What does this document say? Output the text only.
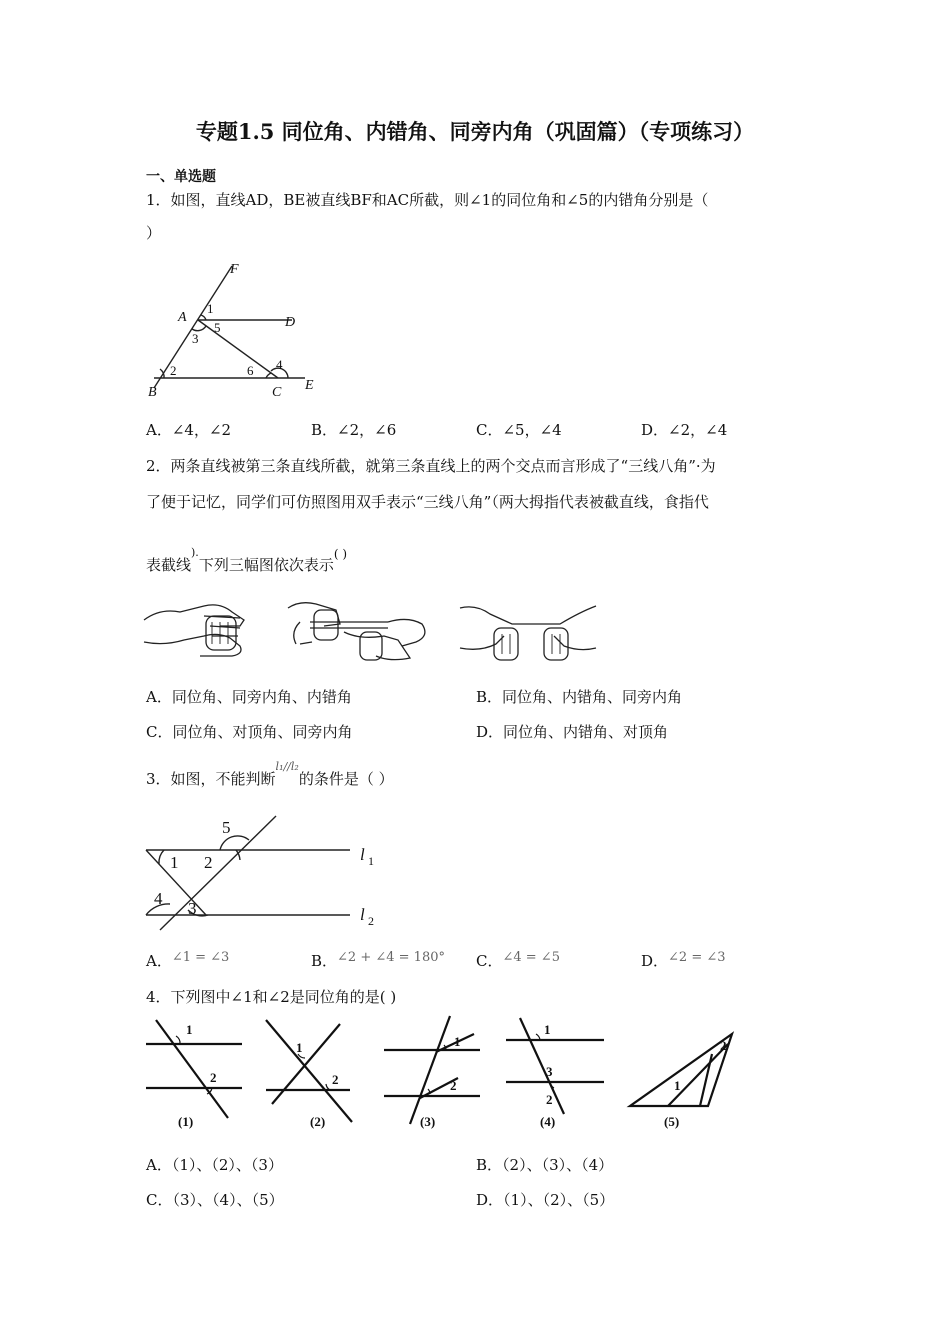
专题1.5 同位角、内错角、同旁内角（巩固篇）（专项练习）
一、单选题
1．如图，直线AD，BE被直线BF和AC所截，则∠1的同位角和∠5的内错角分别是（
）
F
A	D
B	C E
1
5
3
2	6 4
A．∠4，∠2	B．∠2，∠6	C．∠5，∠4	D．∠2，∠4
2．两条直线被第三条直线所截，就第三条直线上的两个交点而言形成了“三线八角”·为
了便于记忆，同学们可仿照图用双手表示“三线八角”（两大拇指代表被截直线，食指代
表截线).下列三幅图依次表示( )
A．同位角、同旁内角、内错角	B．同位角、内错角、同旁内角
C．同位角、对顶角、同旁内角	D．同位角、内错角、对顶角
3．如图，不能判断$^{l_1//l_2}$的条件是（ ）
5
1 2
4
3
l 1
l 2
A．∠1 = ∠3	B．∠2 + ∠4 = 180° C．∠4 = ∠5	D．∠2 = ∠3
4．下列图中∠1和∠2是同位角的是( )
1
2
1
2
1
2
1
3
2
1
2
(1)	(2)	(3)	(4)	(5)
A．（1）、（2）、（3）	B．（2）、（3）、（4）
C．（3）、（4）、（5）	D．（1）、（2）、（5）
